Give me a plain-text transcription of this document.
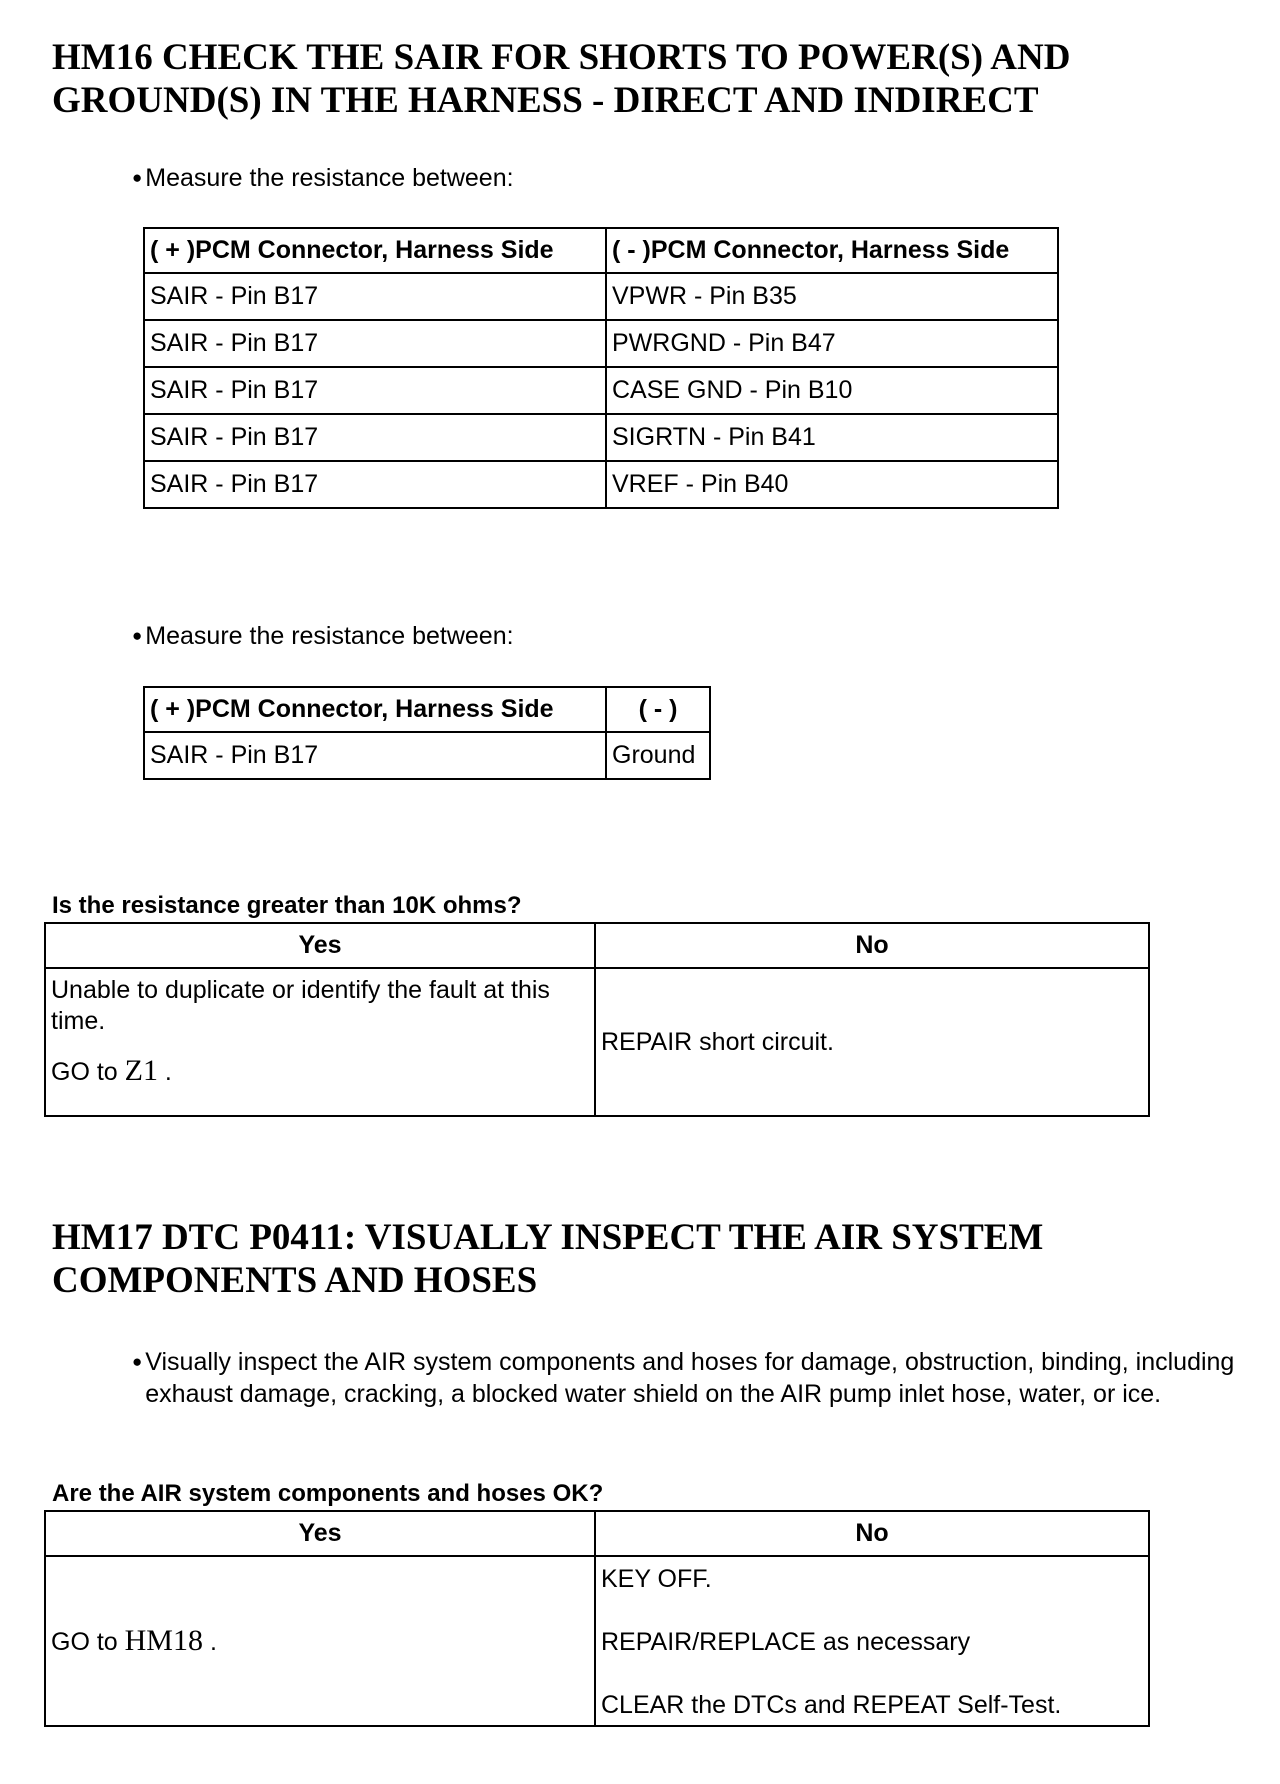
HM16 CHECK THE SAIR FOR SHORTS TO POWER(S) AND GROUND(S) IN THE HARNESS - DIRECT AND INDIRECT
● Measure the resistance between:
( + )PCM Connector, Harness Side	( - )PCM Connector, Harness Side
SAIR - Pin B17	VPWR - Pin B35
SAIR - Pin B17	PWRGND - Pin B47
SAIR - Pin B17	CASE GND - Pin B10
SAIR - Pin B17	SIGRTN - Pin B41
SAIR - Pin B17	VREF - Pin B40
● Measure the resistance between:
( + )PCM Connector, Harness Side	( - )
SAIR - Pin B17	Ground
Is the resistance greater than 10K ohms?
Yes	No

Unable to duplicate or identify the fault at this time.
GO to Z1 .	REPAIR short circuit.
HM17 DTC P0411: VISUALLY INSPECT THE AIR SYSTEM COMPONENTS AND HOSES
● Visually inspect the AIR system components and hoses for damage, obstruction, binding, including exhaust damage, cracking, a blocked water shield on the AIR pump inlet hose, water, or ice.
Are the AIR system components and hoses OK?
Yes	No
GO to HM18 .	KEY OFF.
REPAIR/REPLACE as necessary
CLEAR the DTCs and REPEAT Self-Test.
